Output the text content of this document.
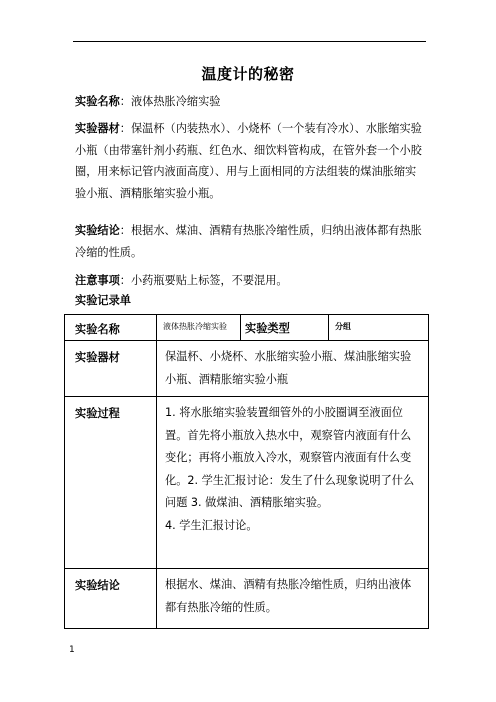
温度计的秘密
实验名称：液体热胀冷缩实验
实验器材：保温杯（内装热水）、小烧杯（一个装有冷水）、水胀缩实验小瓶（由带塞针剂小药瓶、红色水、细饮料管构成，在管外套一个小胶圈，用来标记管内液面高度）、用与上面相同的方法组装的煤油胀缩实验小瓶、酒精胀缩实验小瓶。
实验结论：根据水、煤油、酒精有热胀冷缩性质，归纳出液体都有热胀冷缩的性质。
注意事项：小药瓶要贴上标签，不要混用。
实验记录单
实验名称	液体热胀冷缩实验	实验类型	分组
实验器材	保温杯、小烧杯、水胀缩实验小瓶、煤油胀缩实验小瓶、酒精胀缩实验小瓶		
实验过程	1. 将水胀缩实验装置细管外的小胶圈调至液面位置。首先将小瓶放入热水中，观察管内液面有什么变化；再将小瓶放入冷水，观察管内液面有什么变化。2. 学生汇报讨论：发生了什么现象说明了什么问题 3. 做煤油、酒精胀缩实验。
4. 学生汇报讨论。		

实验结论	根据水、煤油、酒精有热胀冷缩性质，归纳出液体都有热胀冷缩的性质。		
1
